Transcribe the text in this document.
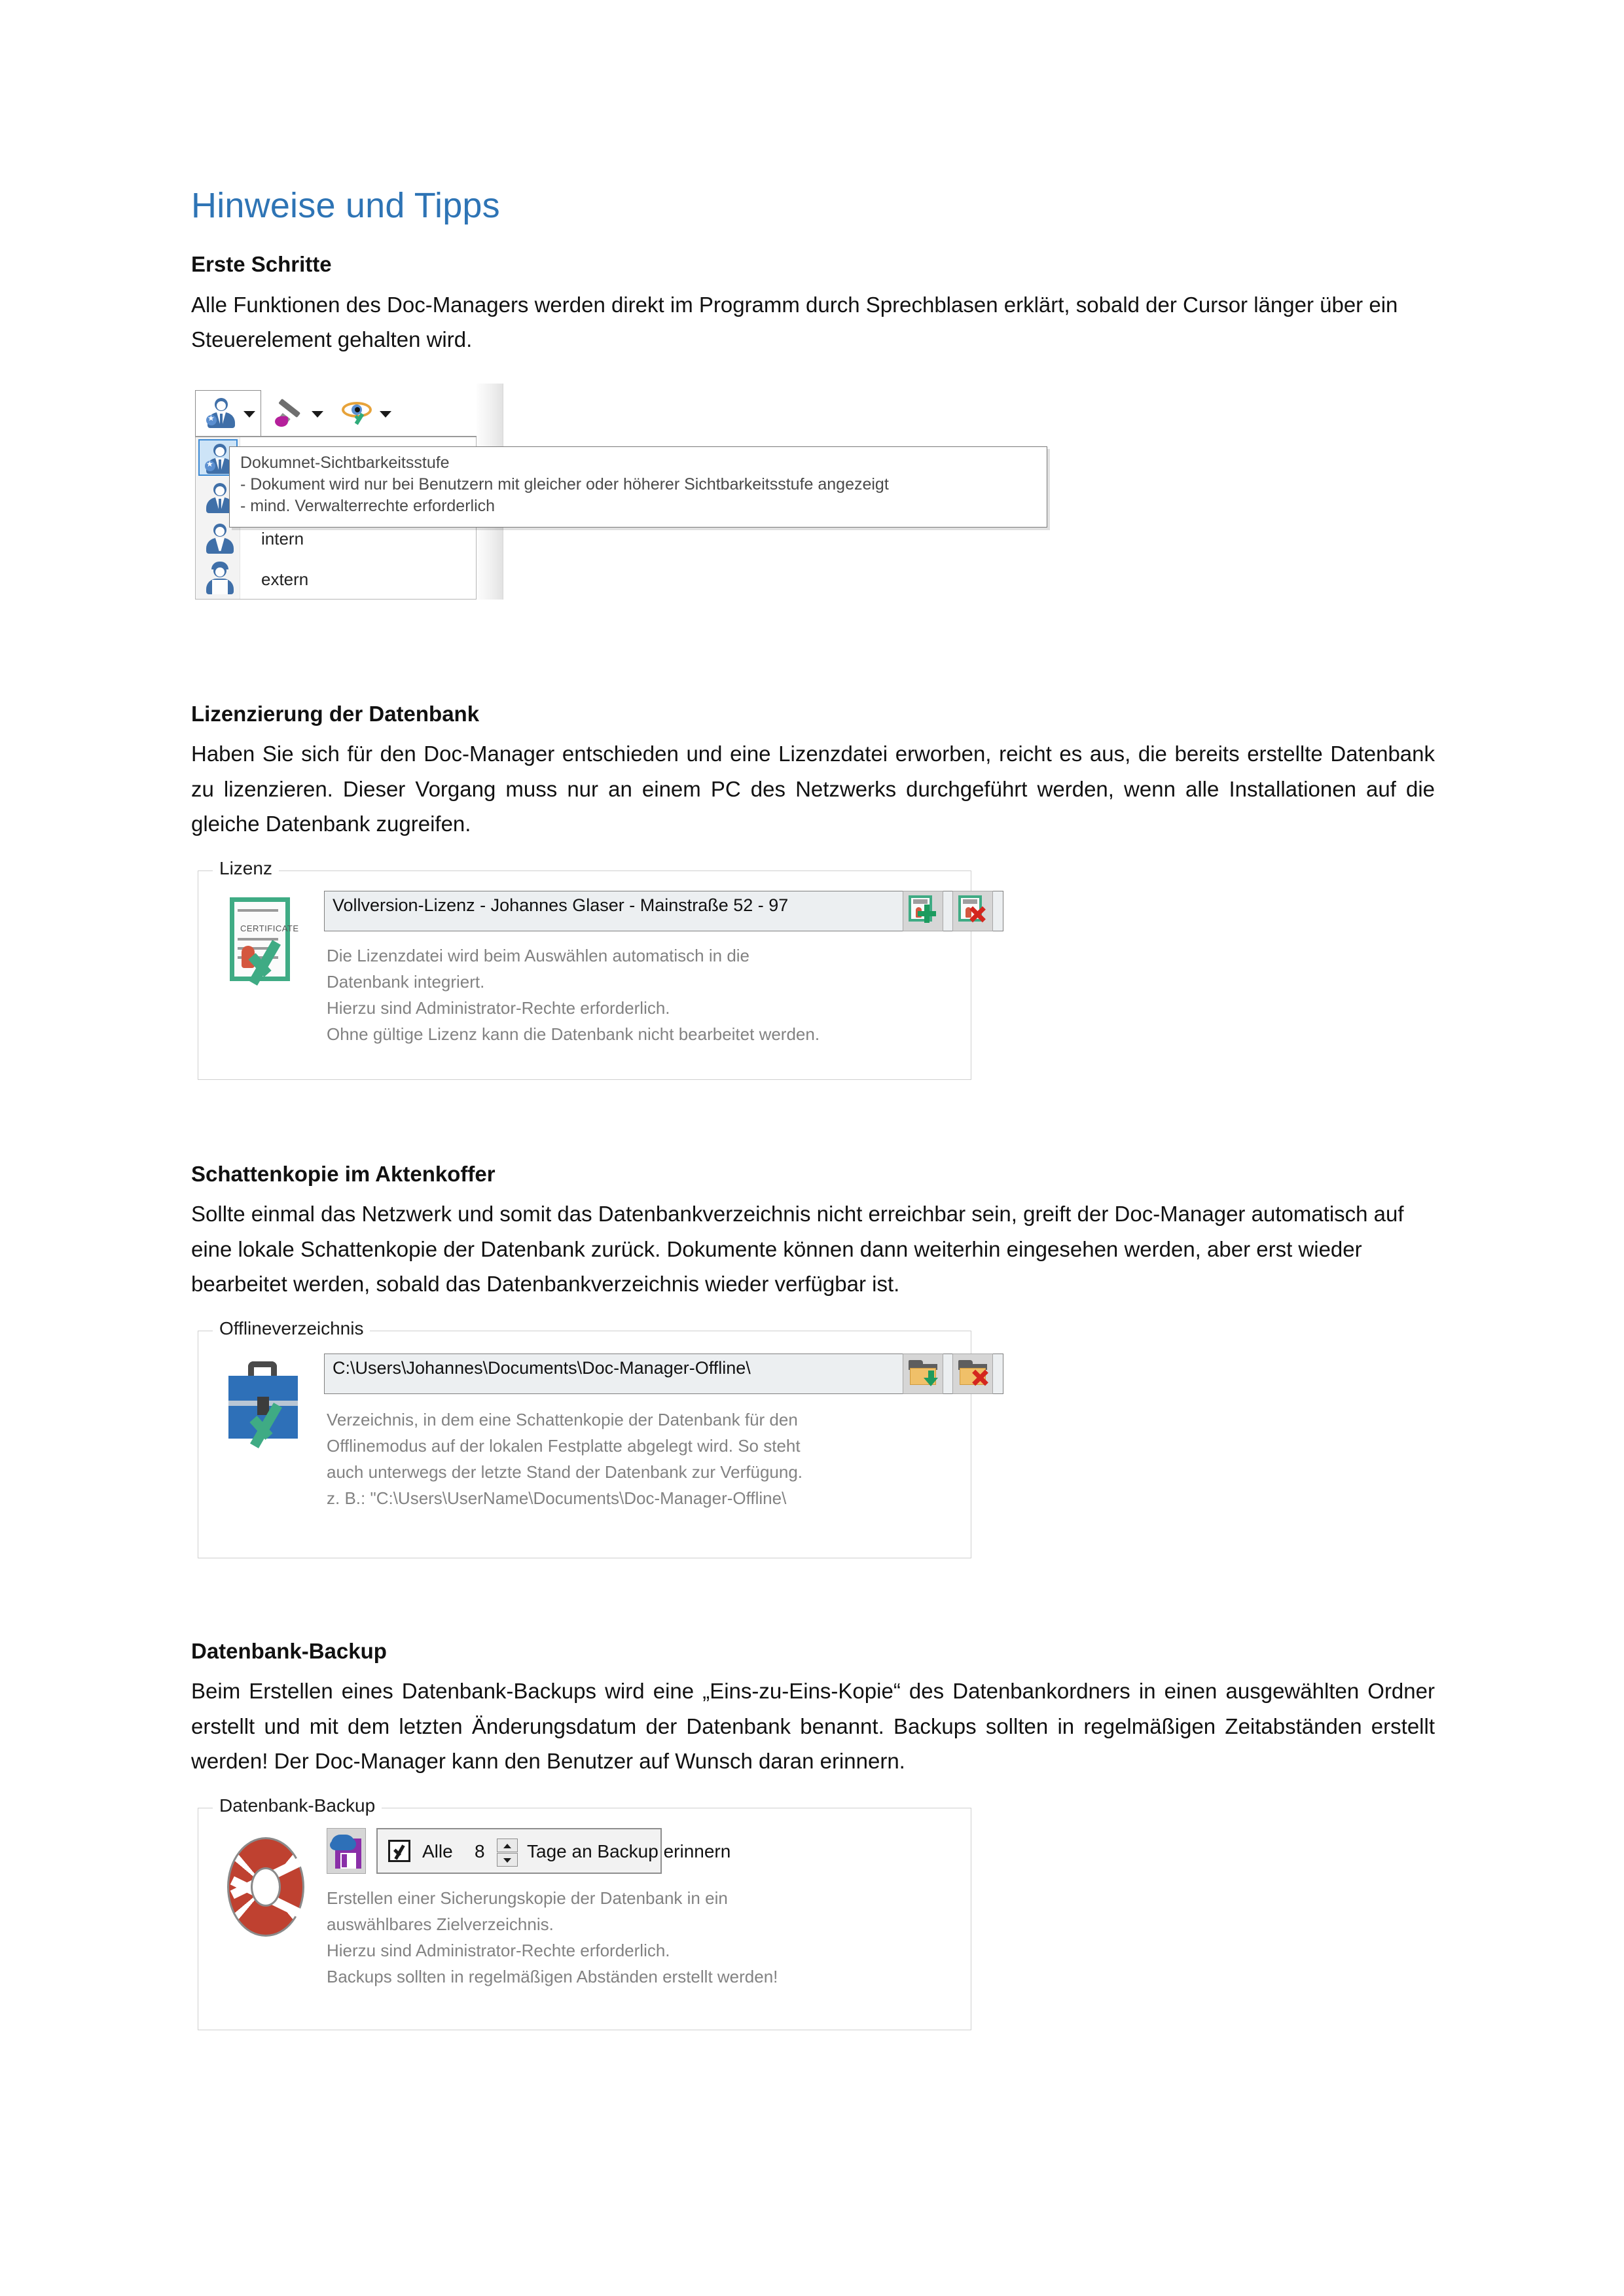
Hinweise und Tipps
Erste Schritte

Alle Funktionen des Doc-Managers werden direkt im Programm durch Sprechblasen erklärt, sobald der Cursor länger über ein Steuerelement gehalten wird.

★
★
intern
extern
Dokumnet-Sichtbarkeitsstufe
- Dokument wird nur bei Benutzern mit gleicher oder höherer Sichtbarkeitsstufe angezeigt
- mind. Verwalterrechte erforderlich
Lizenzierung der Datenbank

Haben Sie sich für den Doc-Manager entschieden und eine Lizenzdatei erworben, reicht es aus, die bereits erstellte Datenbank zu lizenzieren. Dieser Vorgang muss nur an einem PC des Netzwerks durchgeführt werden, wenn alle Installationen auf die gleiche Datenbank zugreifen.

Lizenz
CERTIFICATE
Vollversion-Lizenz - Johannes Glaser - Mainstraße 52 - 97
Die Lizenzdatei wird beim Auswählen automatisch in die
Datenbank integriert.
Hierzu sind Administrator-Rechte erforderlich.
Ohne gültige Lizenz kann die Datenbank nicht bearbeitet werden.
Schattenkopie im Aktenkoffer

Sollte einmal das Netzwerk und somit das Datenbankverzeichnis nicht erreichbar sein, greift der Doc-Manager automatisch auf eine lokale Schattenkopie der Datenbank zurück. Dokumente können dann weiterhin eingesehen werden, aber erst wieder bearbeitet werden, sobald das Datenbankverzeichnis wieder verfügbar ist.

Offlineverzeichnis
C:\Users\Johannes\Documents\Doc-Manager-Offline\
Verzeichnis, in dem eine Schattenkopie der Datenbank für den
Offlinemodus auf der lokalen Festplatte abgelegt wird. So steht
auch unterwegs der letzte Stand der Datenbank zur Verfügung.
z. B.: "C:\Users\UserName\Documents\Doc-Manager-Offline\
Datenbank-Backup

Beim Erstellen eines Datenbank-Backups wird eine „Eins-zu-Eins-Kopie“ des Datenbankordners in einen ausgewählten Ordner erstellt und mit dem letzten Änderungsdatum der Datenbank benannt. Backups sollten in regelmäßigen Zeitabständen erstellt werden! Der Doc-Manager kann den Benutzer auf Wunsch daran erinnern.

Datenbank-Backup
Alle 8 Tage an Backup erinnern
Erstellen einer Sicherungskopie der Datenbank in ein
auswählbares Zielverzeichnis.
Hierzu sind Administrator-Rechte erforderlich.
Backups sollten in regelmäßigen Abständen erstellt werden!
